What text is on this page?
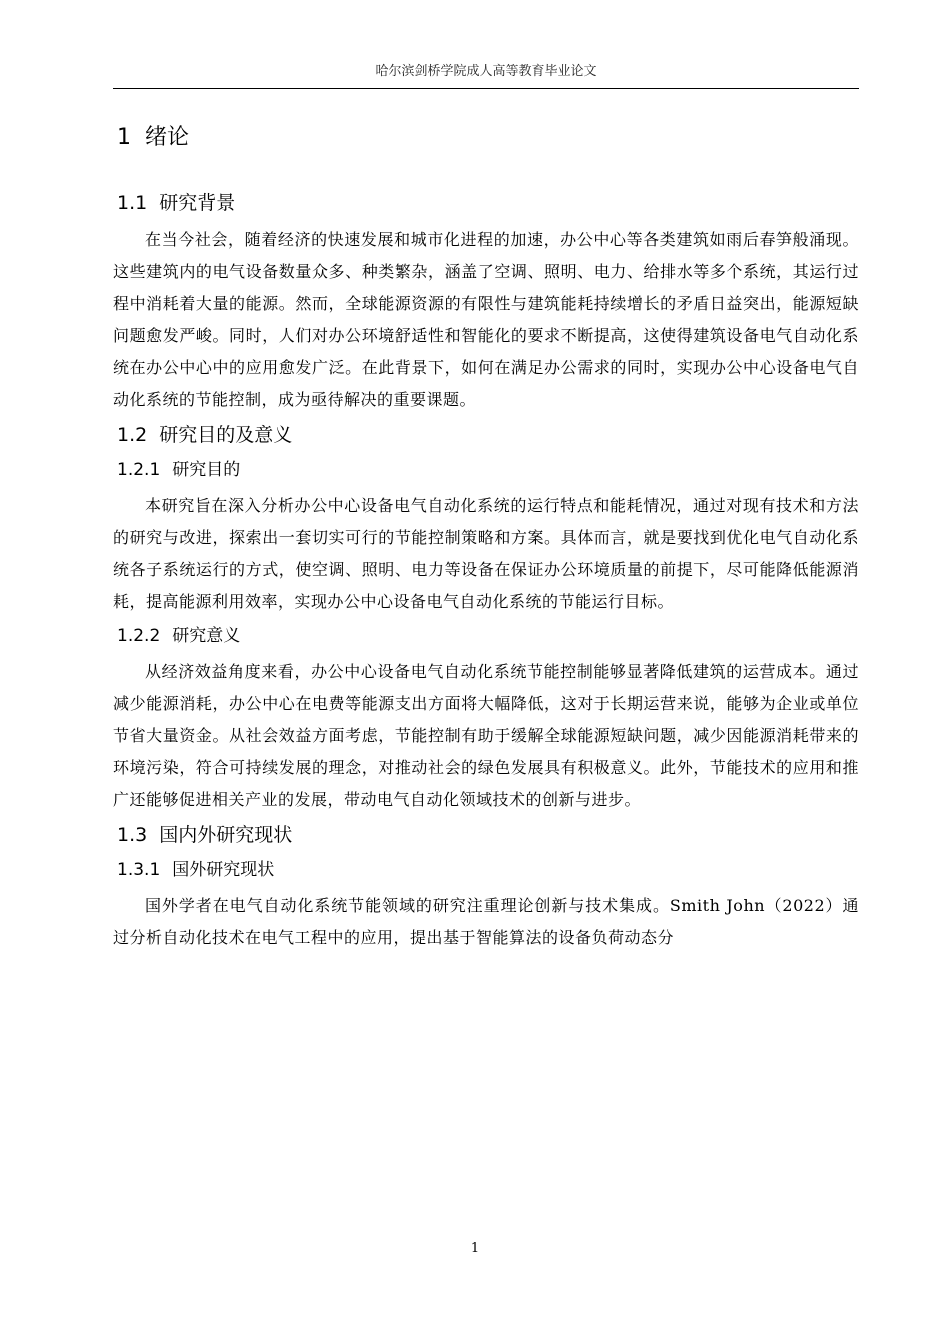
哈尔滨剑桥学院成人高等教育毕业论文
1 绪论
1.1 研究背景

在当今社会，随着经济的快速发展和城市化进程的加速，办公中心等各类建筑如雨后春笋般涌现。这些建筑内的电气设备数量众多、种类繁杂，涵盖了空调、照明、电力、给排水等多个系统，其运行过程中消耗着大量的能源。然而，全球能源资源的有限性与建筑能耗持续增长的矛盾日益突出，能源短缺问题愈发严峻。同时，人们对办公环境舒适性和智能化的要求不断提高，这使得建筑设备电气自动化系统在办公中心中的应用愈发广泛。在此背景下，如何在满足办公需求的同时，实现办公中心设备电气自动化系统的节能控制，成为亟待解决的重要课题。

1.2 研究目的及意义
1.2.1 研究目的

本研究旨在深入分析办公中心设备电气自动化系统的运行特点和能耗情况，通过对现有技术和方法的研究与改进，探索出一套切实可行的节能控制策略和方案。具体而言，就是要找到优化电气自动化系统各子系统运行的方式，使空调、照明、电力等设备在保证办公环境质量的前提下，尽可能降低能源消耗，提高能源利用效率，实现办公中心设备电气自动化系统的节能运行目标。

1.2.2 研究意义

从经济效益角度来看，办公中心设备电气自动化系统节能控制能够显著降低建筑的运营成本。通过减少能源消耗，办公中心在电费等能源支出方面将大幅降低，这对于长期运营来说，能够为企业或单位节省大量资金。从社会效益方面考虑，节能控制有助于缓解全球能源短缺问题，减少因能源消耗带来的环境污染，符合可持续发展的理念，对推动社会的绿色发展具有积极意义。此外，节能技术的应用和推广还能够促进相关产业的发展，带动电气自动化领域技术的创新与进步。

1.3 国内外研究现状
1.3.1 国外研究现状

国外学者在电气自动化系统节能领域的研究注重理论创新与技术集成。Smith John（2022）通过分析自动化技术在电气工程中的应用，提出基于智能算法的设备负荷动态分

1
